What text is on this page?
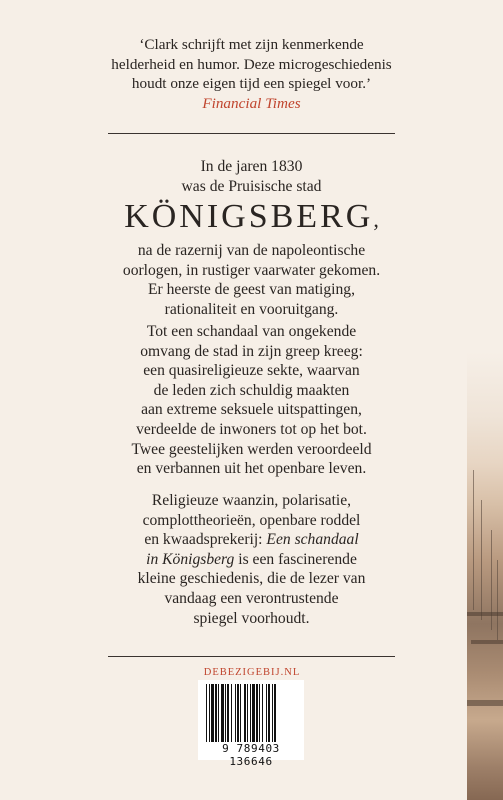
‘Clark schrijft met zijn kenmerkende
helderheid en humor. Deze microgeschiedenis
houdt onze eigen tijd een spiegel voor.’
Financial Times
In de jaren 1830
was de Pruisische stad
KÖNIGSBERG,
na de razernij van de napoleontische
oorlogen, in rustiger vaarwater gekomen.
Er heerste de geest van matiging,
rationaliteit en vooruitgang.
Tot een schandaal van ongekende
omvang de stad in zijn greep kreeg:
een quasireligieuze sekte, waarvan
de leden zich schuldig maakten
aan extreme seksuele uitspattingen,
verdeelde de inwoners tot op het bot.
Twee geestelijken werden veroordeeld
en verbannen uit het openbare leven.
Religieuze waanzin, polarisatie,
complottheorieën, openbare roddel
en kwaadsprekerij: Een schandaal
in Königsberg is een fascinerende
kleine geschiedenis, die de lezer van
vandaag een verontrustende
spiegel voorhoudt.
DEBEZIGEBIJ.NL
9 789403 136646
